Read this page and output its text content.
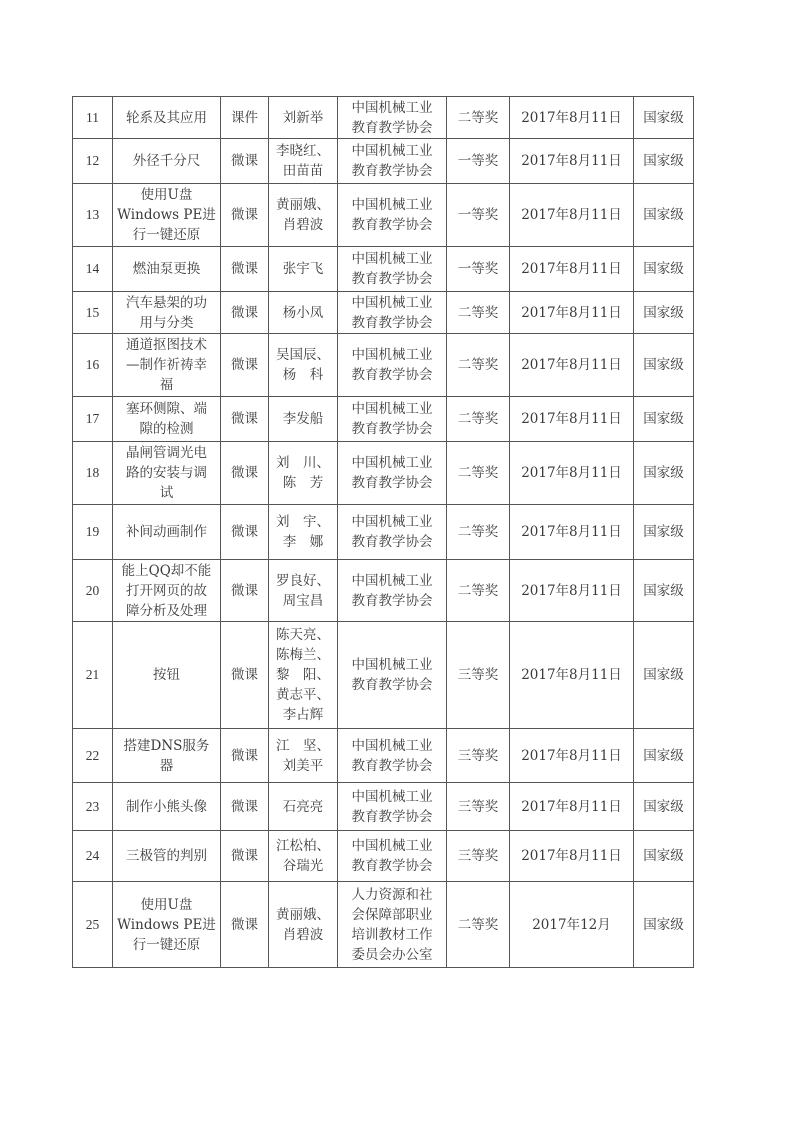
11	轮系及其应用	课件	刘新举	中国机械工业
教育教学协会	二等奖	2017年8月11日	国家级
12	外径千分尺	微课	李晓红、
田苗苗	中国机械工业
教育教学协会	一等奖	2017年8月11日	国家级
13	使用U盘
Windows PE进
行一键还原	微课	黄丽娥、
肖碧波	中国机械工业
教育教学协会	一等奖	2017年8月11日	国家级
14	燃油泵更换	微课	张宇飞	中国机械工业
教育教学协会	一等奖	2017年8月11日	国家级
15	汽车悬架的功
用与分类	微课	杨小凤	中国机械工业
教育教学协会	二等奖	2017年8月11日	国家级
16	通道抠图技术
—制作祈祷幸
福	微课	吴国辰、
杨　科	中国机械工业
教育教学协会	二等奖	2017年8月11日	国家级
17	塞环侧隙、端
隙的检测	微课	李发船	中国机械工业
教育教学协会	二等奖	2017年8月11日	国家级
18	晶闸管调光电
路的安装与调
试	微课	刘　川、
陈　芳	中国机械工业
教育教学协会	二等奖	2017年8月11日	国家级
19	补间动画制作	微课	刘　宇、
李　娜	中国机械工业
教育教学协会	二等奖	2017年8月11日	国家级
20	能上QQ却不能
打开网页的故
障分析及处理	微课	罗良好、
周宝昌	中国机械工业
教育教学协会	二等奖	2017年8月11日	国家级
21	按钮	微课	陈天亮、
陈梅兰、
黎　阳、
黄志平、
李占辉	中国机械工业
教育教学协会	三等奖	2017年8月11日	国家级
22	搭建DNS服务
器	微课	江　坚、
刘美平	中国机械工业
教育教学协会	三等奖	2017年8月11日	国家级
23	制作小熊头像	微课	石亮亮	中国机械工业
教育教学协会	三等奖	2017年8月11日	国家级
24	三极管的判别	微课	江松柏、
谷瑞光	中国机械工业
教育教学协会	三等奖	2017年8月11日	国家级
25	使用U盘
Windows PE进
行一键还原	微课	黄丽娥、
肖碧波	人力资源和社
会保障部职业
培训教材工作
委员会办公室	二等奖	2017年12月	国家级
